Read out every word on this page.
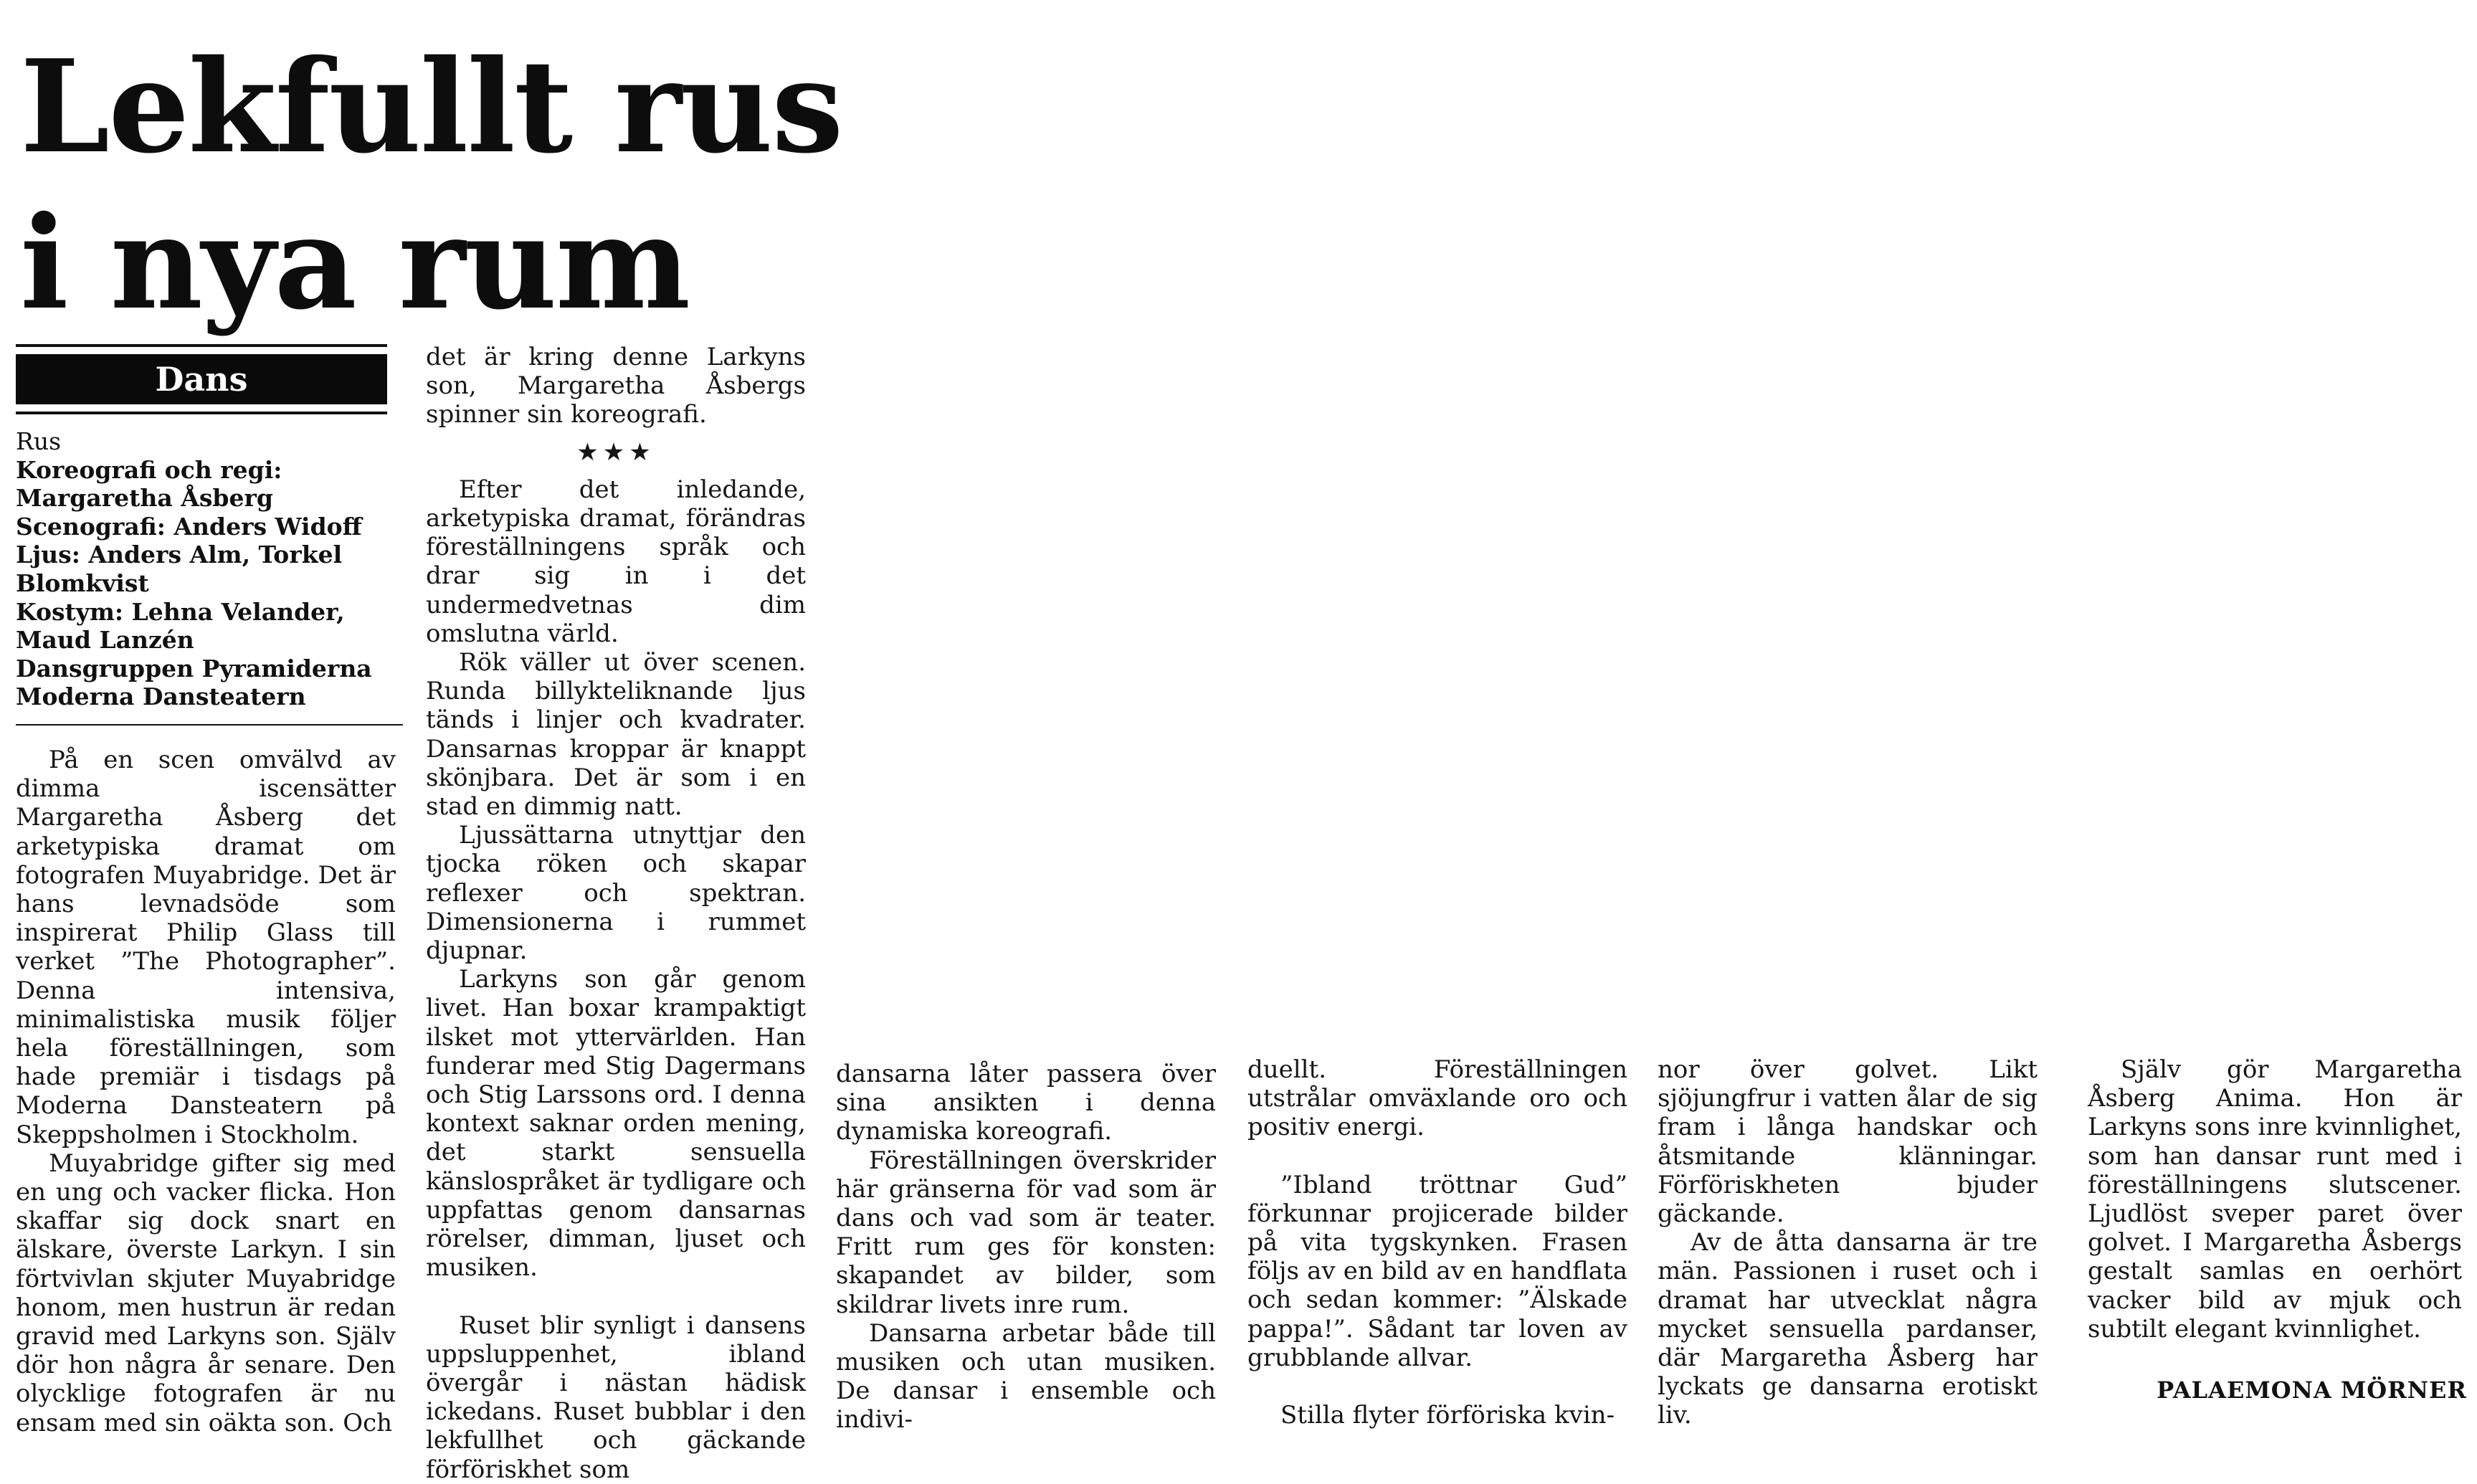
Lekfullt rus
i nya rum
Dans
Rus
Koreografi och regi:
Margaretha Åsberg
Scenografi: Anders Widoff
Ljus: Anders Alm, Torkel
Blomkvist
Kostym: Lehna Velander,
Maud Lanzén
Dansgruppen Pyramiderna
Moderna Dansteatern

På en scen omvälvd av dimma iscensätter Margaretha Åsberg det arketypiska dramat om fotografen Muyabridge. Det är hans levnadsöde som inspirerat Philip Glass till verket ”The Photographer”. Denna intensiva, minimalistiska musik följer hela föreställningen, som hade premiär i tisdags på Moderna Dansteatern på Skeppsholmen i Stockholm.

Muyabridge gifter sig med en ung och vacker flicka. Hon skaffar sig dock snart en älskare, överste Larkyn. I sin förtvivlan skjuter Muyabridge honom, men hustrun är redan gravid med Larkyns son. Själv dör hon några år senare. Den olycklige fotografen är nu ensam med sin oäkta son. Och

det är kring denne Larkyns son, Margaretha Åsbergs spinner sin koreografi.

★★★

Efter det inledande, arketypiska dramat, förändras föreställningens språk och drar sig in i det undermedvetnas dim omslutna värld.

Rök väller ut över scenen. Runda billykteliknande ljus tänds i linjer och kvadrater. Dansarnas kroppar är knappt skönjbara. Det är som i en stad en dimmig natt.

Ljussättarna utnyttjar den tjocka röken och skapar reflexer och spektran. Dimensionerna i rummet djupnar.

Larkyns son går genom livet. Han boxar krampaktigt ilsket mot yttervärlden. Han funderar med Stig Dagermans och Stig Larssons ord. I denna kontext saknar orden mening, det starkt sensuella känslospråket är tydligare och uppfattas genom dansarnas rörelser, dimman, ljuset och musiken.

Ruset blir synligt i dansens uppsluppenhet, ibland övergår i nästan hädisk ickedans. Ruset bubblar i den lekfullhet och gäckande förföriskhet som

dansarna låter passera över sina ansikten i denna dynamiska koreografi.

Föreställningen överskrider här gränserna för vad som är dans och vad som är teater. Fritt rum ges för konsten: skapandet av bilder, som skildrar livets inre rum.

Dansarna arbetar både till musiken och utan musiken. De dansar i ensemble och indivi-

duellt. Föreställningen utstrålar omväxlande oro och positiv energi.

”Ibland tröttnar Gud” förkunnar projicerade bilder på vita tygskynken. Frasen följs av en bild av en handflata och sedan kommer: ”Älskade pappa!”. Sådant tar loven av grubblande allvar.

Stilla flyter förföriska kvin-

nor över golvet. Likt sjöjungfrur i vatten ålar de sig fram i långa handskar och åtsmitande klänningar. Förföriskheten bjuder gäckande.

Av de åtta dansarna är tre män. Passionen i ruset och i dramat har utvecklat några mycket sensuella pardanser, där Margaretha Åsberg har lyckats ge dansarna erotiskt liv.

Själv gör Margaretha Åsberg Anima. Hon är Larkyns sons inre kvinnlighet, som han dansar runt med i föreställningens slutscener. Ljudlöst sveper paret över golvet. I Margaretha Åsbergs gestalt samlas en oerhört vacker bild av mjuk och subtilt elegant kvinnlighet.

PALAEMONA MÖRNER
